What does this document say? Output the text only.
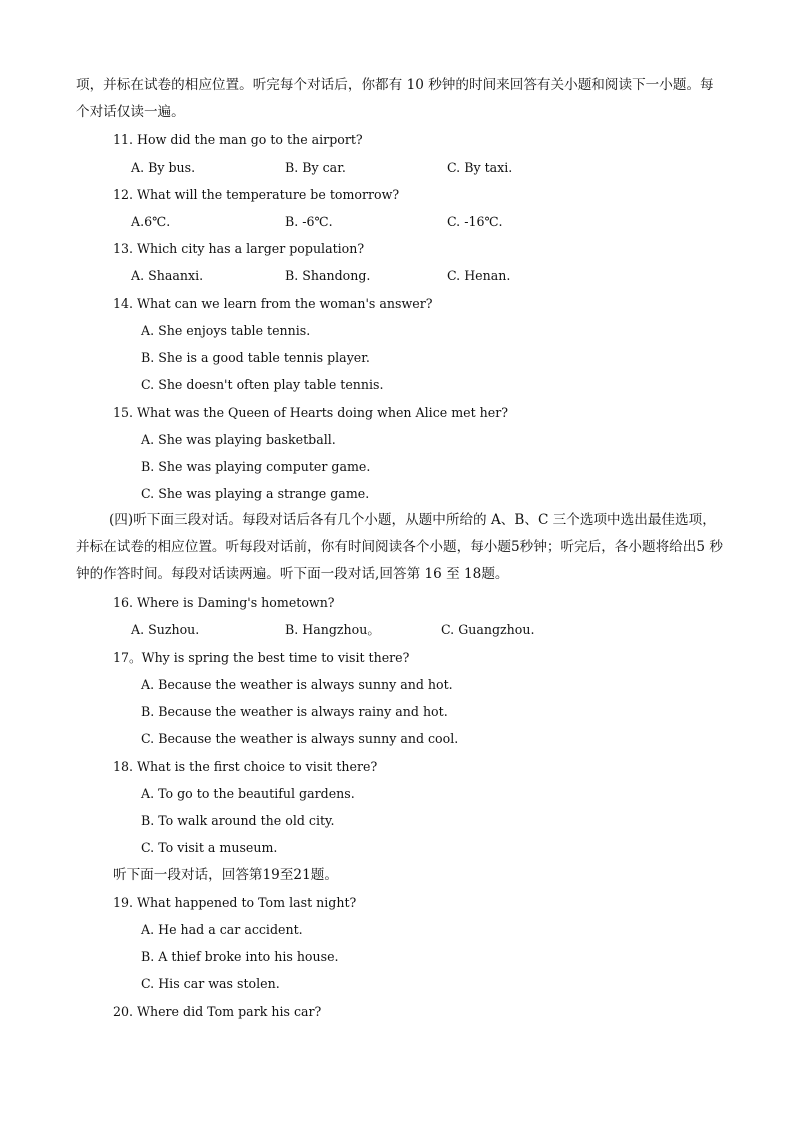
项，并标在试卷的相应位置。听完每个对话后，你都有 10 秒钟的时间来回答有关小题和阅读下一小题。每个对话仅读一遍。
11. How did the man go to the airport?
A. By bus.	B. By car.	C. By taxi.
12. What will the temperature be tomorrow?
A.6℃.	B. -6℃.	C. -16℃.
13. Which city has a larger population?
A. Shaanxi.	B. Shandong.	C. Henan.
14. What can we learn from the woman's answer?
A. She enjoys table tennis.
B. She is a good table tennis player.
C. She doesn't often play table tennis.
15. What was the Queen of Hearts doing when Alice met her?
A. She was playing basketball.
B. She was playing computer game.
C. She was playing a strange game.
(四)听下面三段对话。每段对话后各有几个小题，从题中所给的 A、B、C 三个选项中选出最佳选项，并标在试卷的相应位置。听每段对话前，你有时间阅读各个小题，每小题5秒钟；听完后，各小题将给出5 秒钟的作答时间。每段对话读两遍。听下面一段对话,回答第 16 至 18题。
16. Where is Daming's hometown?
A. Suzhou.	B. Hangzhou。	C. Guangzhou.
17。Why is spring the best time to visit there?
A. Because the weather is always sunny and hot.
B. Because the weather is always rainy and hot.
C. Because the weather is always sunny and cool.
18. What is the first choice to visit there?
A. To go to the beautiful gardens.
B. To walk around the old city.
C. To visit a museum.
听下面一段对话，回答第19至21题。
19. What happened to Tom last night?
A. He had a car accident.
B. A thief broke into his house.
C. His car was stolen.
20. Where did Tom park his car?
